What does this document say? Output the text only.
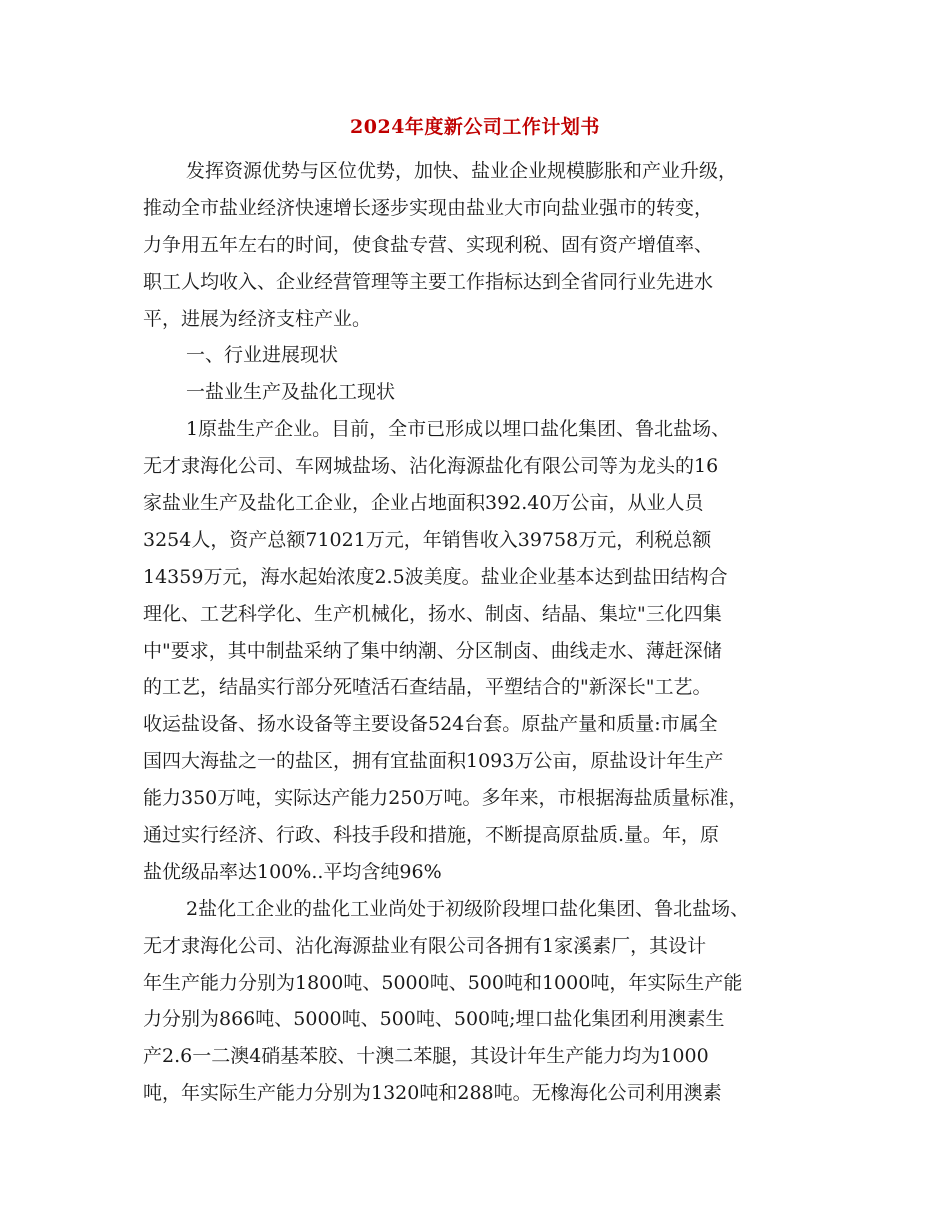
2024年度新公司工作计划书
发挥资源优势与区位优势，加快、盐业企业规模膨胀和产业升级，
推动全市盐业经济快速增长逐步实现由盐业大市向盐业强市的转变，
力争用五年左右的时间，使食盐专营、实现利税、固有资产增值率、
职工人均收入、企业经营管理等主要工作指标达到全省同行业先进水
平，进展为经济支柱产业。
一、行业进展现状
一盐业生产及盐化工现状
1原盐生产企业。目前，全市已形成以埋口盐化集团、鲁北盐场、
无才隶海化公司、车网城盐场、沾化海源盐化有限公司等为龙头的16
家盐业生产及盐化工企业，企业占地面积392.40万公亩，从业人员
3254人，资产总额71021万元，年销售收入39758万元，利税总额
14359万元，海水起始浓度2.5波美度。盐业企业基本达到盐田结构合
理化、工艺科学化、生产机械化，扬水、制卤、结晶、集垃"三化四集
中"要求，其中制盐采纳了集中纳潮、分区制卤、曲线走水、薄赶深储
的工艺，结晶实行部分死喳活石查结晶，平塑结合的"新深长"工艺。
收运盐设备、扬水设备等主要设备524台套。原盐产量和质量:市属全
国四大海盐之一的盐区，拥有宜盐面积1093万公亩，原盐设计年生产
能力350万吨，实际达产能力250万吨。多年来，市根据海盐质量标准，
通过实行经济、行政、科技手段和措施，不断提高原盐质.量。年，原
盐优级品率达100%..平均含纯96%
2盐化工企业的盐化工业尚处于初级阶段埋口盐化集团、鲁北盐场、
无才隶海化公司、沾化海源盐业有限公司各拥有1家溪素厂，其设计
年生产能力分别为1800吨、5000吨、500吨和1000吨，年实际生产能
力分别为866吨、5000吨、500吨、500吨;埋口盐化集团利用澳素生
产2.6一二澳4硝基苯胶、十澳二苯腿，其设计年生产能力均为1000
吨，年实际生产能力分别为1320吨和288吨。无橡海化公司利用澳素
